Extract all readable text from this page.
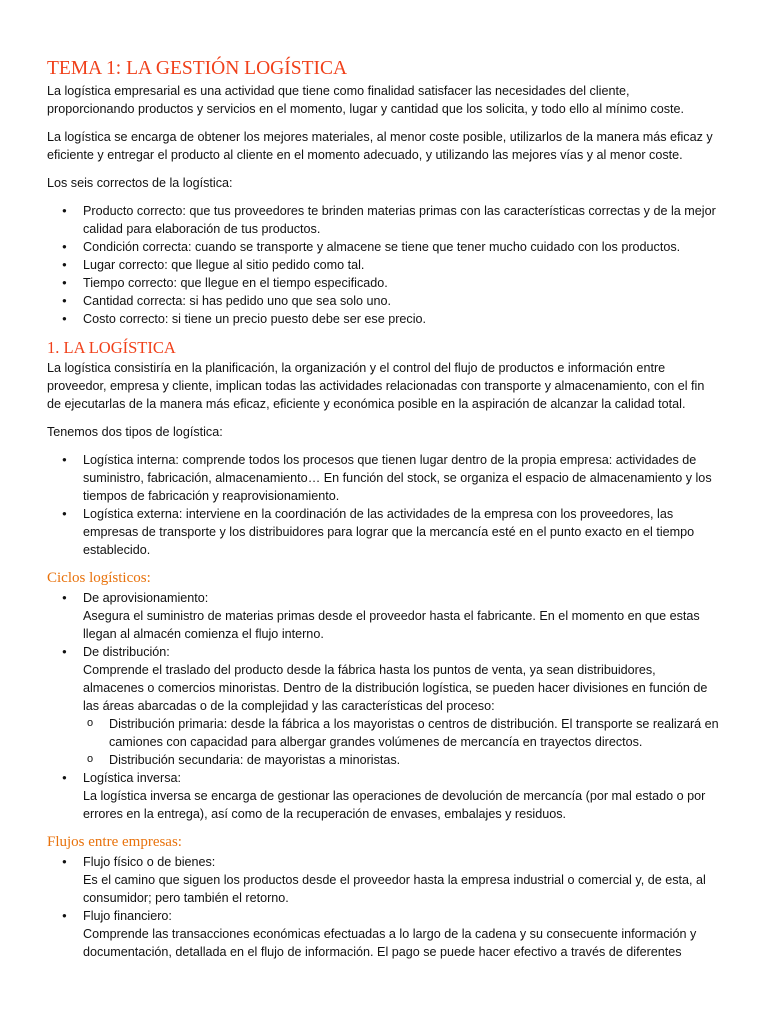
TEMA 1: LA GESTIÓN LOGÍSTICA

La logística empresarial es una actividad que tiene como finalidad satisfacer las necesidades del cliente, proporcionando productos y servicios en el momento, lugar y cantidad que los solicita, y todo ello al mínimo coste.

La logística se encarga de obtener los mejores materiales, al menor coste posible, utilizarlos de la manera más eficaz y eficiente y entregar el producto al cliente en el momento adecuado, y utilizando las mejores vías y al menor coste.

Los seis correctos de la logística:

● Producto correcto: que tus proveedores te brinden materias primas con las características correctas y de la mejor calidad para elaboración de tus productos.
● Condición correcta: cuando se transporte y almacene se tiene que tener mucho cuidado con los productos.
● Lugar correcto: que llegue al sitio pedido como tal.
● Tiempo correcto: que llegue en el tiempo especificado.
● Cantidad correcta: si has pedido uno que sea solo uno.
● Costo correcto: si tiene un precio puesto debe ser ese precio.
1. LA LOGÍSTICA

La logística consistiría en la planificación, la organización y el control del flujo de productos e información entre proveedor, empresa y cliente, implican todas las actividades relacionadas con transporte y almacenamiento, con el fin de ejecutarlas de la manera más eficaz, eficiente y económica posible en la aspiración de alcanzar la calidad total.

Tenemos dos tipos de logística:

● Logística interna: comprende todos los procesos que tienen lugar dentro de la propia empresa: actividades de suministro, fabricación, almacenamiento… En función del stock, se organiza el espacio de almacenamiento y los tiempos de fabricación y reaprovisionamiento.
● Logística externa: interviene en la coordinación de las actividades de la empresa con los proveedores, las empresas de transporte y los distribuidores para lograr que la mercancía esté en el punto exacto en el tiempo establecido.
Ciclos logísticos:
● De aprovisionamiento:
Asegura el suministro de materias primas desde el proveedor hasta el fabricante. En el momento en que estas llegan al almacén comienza el flujo interno.
● De distribución:
Comprende el traslado del producto desde la fábrica hasta los puntos de venta, ya sean distribuidores, almacenes o comercios minoristas. Dentro de la distribución logística, se pueden hacer divisiones en función de las áreas abarcadas o de la complejidad y las características del proceso:
o Distribución primaria: desde la fábrica a los mayoristas o centros de distribución. El transporte se realizará en camiones con capacidad para albergar grandes volúmenes de mercancía en trayectos directos.
o Distribución secundaria: de mayoristas a minoristas.
● Logística inversa:
La logística inversa se encarga de gestionar las operaciones de devolución de mercancía (por mal estado o por errores en la entrega), así como de la recuperación de envases, embalajes y residuos.
Flujos entre empresas:
● Flujo físico o de bienes:
Es el camino que siguen los productos desde el proveedor hasta la empresa industrial o comercial y, de esta, al consumidor; pero también el retorno.
● Flujo financiero:
Comprende las transacciones económicas efectuadas a lo largo de la cadena y su consecuente información y documentación, detallada en el flujo de información. El pago se puede hacer efectivo a través de diferentes
